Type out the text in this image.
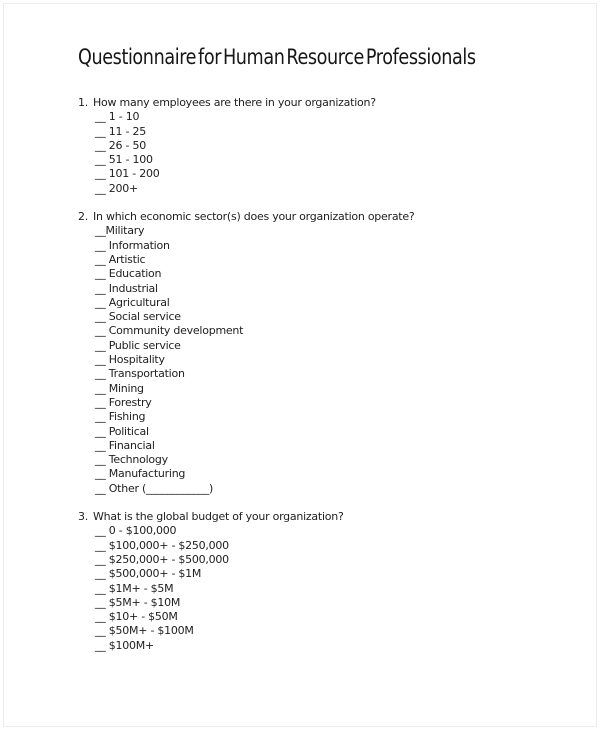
Questionnaire for Human Resource Professionals
1. How many employees are there in your organization?
__ 1 - 10
__ 11 - 25
__ 26 - 50
__ 51 - 100
__ 101 - 200
__ 200+
2. In which economic sector(s) does your organization operate?
__Military
__ Information
__ Artistic
__ Education
__ Industrial
__ Agricultural
__ Social service
__ Community development
__ Public service
__ Hospitality
__ Transportation
__ Mining
__ Forestry
__ Fishing
__ Political
__ Financial
__ Technology
__ Manufacturing
__ Other (____________)
3. What is the global budget of your organization?
__ 0 - $100,000
__ $100,000+ - $250,000
__ $250,000+ - $500,000
__ $500,000+ - $1M
__ $1M+ - $5M
__ $5M+ - $10M
__ $10+ - $50M
__ $50M+ - $100M
__ $100M+
